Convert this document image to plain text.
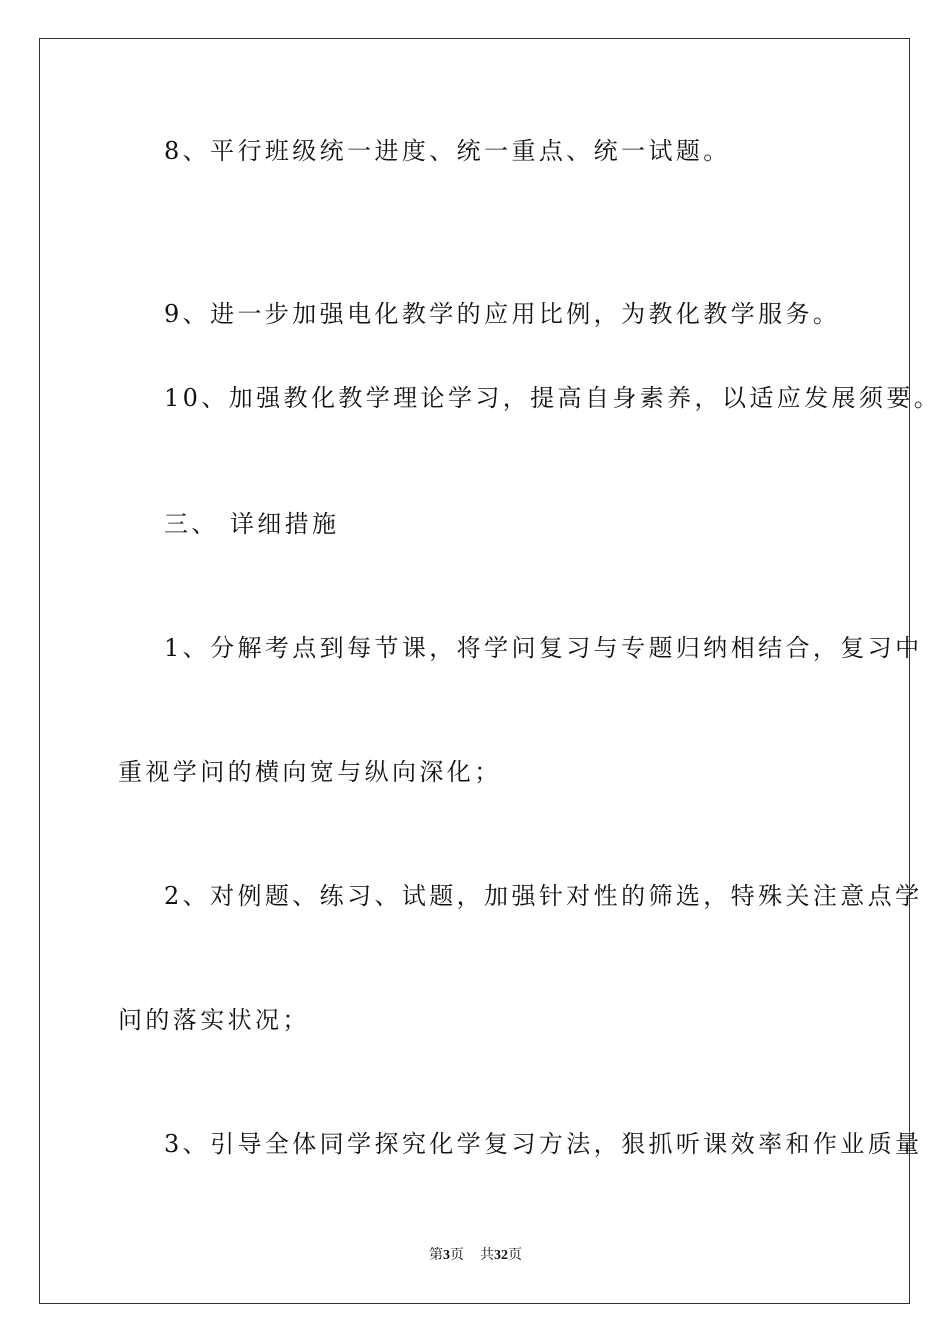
8、平行班级统一进度、统一重点、统一试题。
9、进一步加强电化教学的应用比例，为教化教学服务。
10、加强教化教学理论学习，提高自身素养，以适应发展须要。
三、 详细措施
1、分解考点到每节课，将学问复习与专题归纳相结合，复习中
重视学问的横向宽与纵向深化；
2、对例题、练习、试题，加强针对性的筛选，特殊关注意点学
问的落实状况；
3、引导全体同学探究化学复习方法，狠抓听课效率和作业质量
第3页 共32页
